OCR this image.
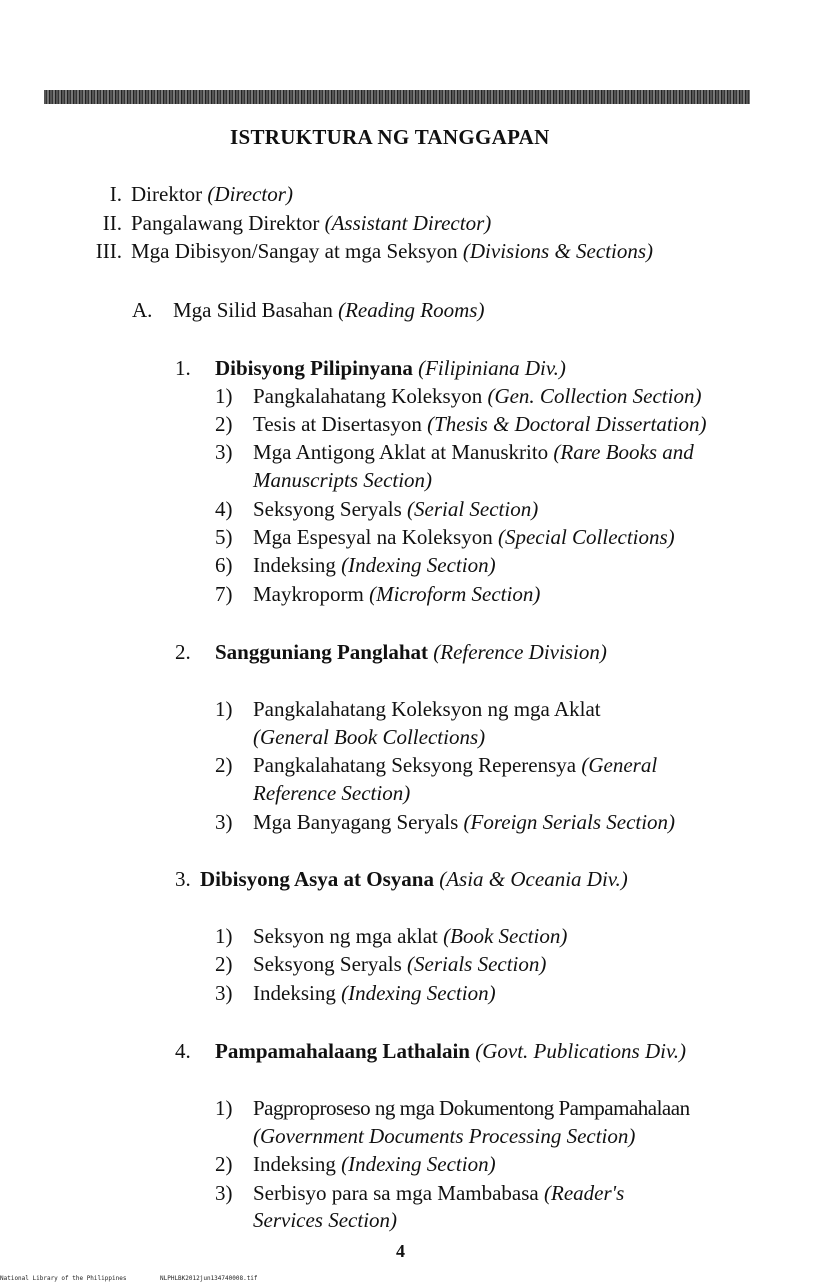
ISTRUKTURA NG TANGGAPAN
I. Direktor (Director)
II. Pangalawang Direktor (Assistant Director)
III. Mga Dibisyon/Sangay at mga Seksyon (Divisions & Sections)
A. Mga Silid Basahan (Reading Rooms)
1. Dibisyong Pilipinyana (Filipiniana Div.)
1) Pangkalahatang Koleksyon (Gen. Collection Section)
2) Tesis at Disertasyon (Thesis & Doctoral Dissertation)
3) Mga Antigong Aklat at Manuskrito (Rare Books and
Manuscripts Section)
4) Seksyong Seryals (Serial Section)
5) Mga Espesyal na Koleksyon (Special Collections)
6) Indeksing (Indexing Section)
7) Maykroporm (Microform Section)
2. Sangguniang Panglahat (Reference Division)
1) Pangkalahatang Koleksyon ng mga Aklat
(General Book Collections)
2) Pangkalahatang Seksyong Reperensya (General
Reference Section)
3) Mga Banyagang Seryals (Foreign Serials Section)
3. Dibisyong Asya at Osyana (Asia & Oceania Div.)
1) Seksyon ng mga aklat (Book Section)
2) Seksyong Seryals (Serials Section)
3) Indeksing (Indexing Section)
4. Pampamahalaang Lathalain (Govt. Publications Div.)
1) Pagproproseso ng mga Dokumentong Pampamahalaan
(Government Documents Processing Section)
2) Indeksing (Indexing Section)
3) Serbisyo para sa mga Mambabasa (Reader's
Services Section)
4
National Library of the Philippines	NLPHLBK2012jun134740008.tif
